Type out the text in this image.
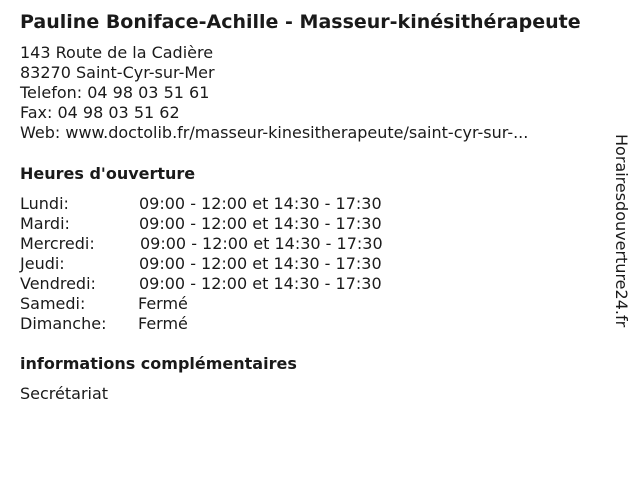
Pauline Boniface-Achille - Masseur-kinésithérapeute
143 Route de la Cadière
83270 Saint-Cyr-sur-Mer
Telefon: 04 98 03 51 61
Fax: 04 98 03 51 62
Web: www.doctolib.fr/masseur-kinesitherapeute/saint-cyr-sur-...
Heures d'ouverture
Lundi:	09:00 - 12:00 et 14:30 - 17:30
Mardi:	09:00 - 12:00 et 14:30 - 17:30
Mercredi:	09:00 - 12:00 et 14:30 - 17:30
Jeudi:	09:00 - 12:00 et 14:30 - 17:30
Vendredi:	09:00 - 12:00 et 14:30 - 17:30
Samedi:	Fermé
Dimanche: Fermé
informations complémentaires
Secrétariat
Horairesdouverture24.fr
